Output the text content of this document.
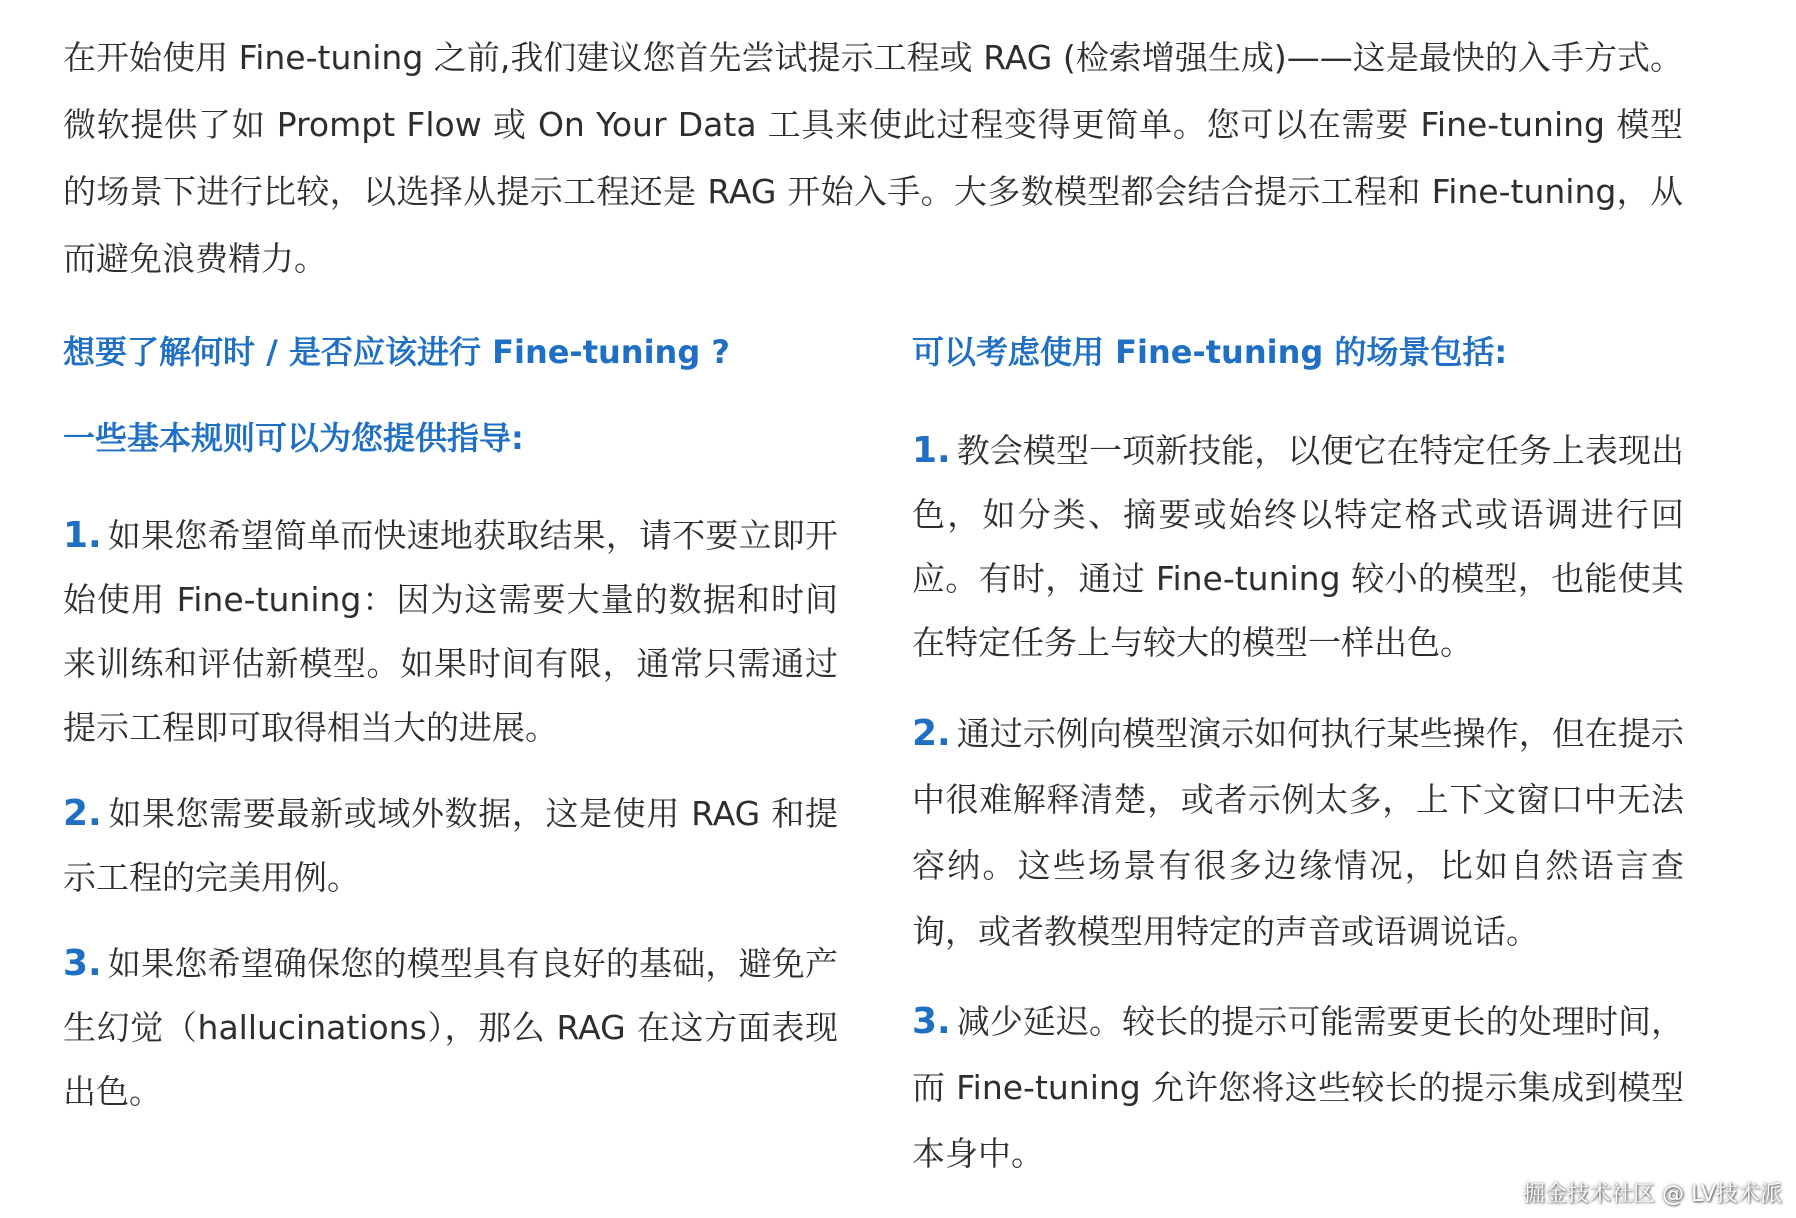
在开始使用 Fine-tuning 之前,我们建议您首先尝试提示工程或 RAG (检索增强生成)——这是最快的入手方式。微软提供了如 Prompt Flow 或 On Your Data 工具来使此过程变得更简单。您可以在需要 Fine-tuning 模型的场景下进行比较，以选择从提示工程还是 RAG 开始入手。大多数模型都会结合提示工程和 Fine-tuning，从而避免浪费精力。

想要了解何时 / 是否应该进行 Fine-tuning ?

一些基本规则可以为您提供指导:

1. 如果您希望简单而快速地获取结果，请不要立即开始使用 Fine-tuning：因为这需要大量的数据和时间来训练和评估新模型。如果时间有限，通常只需通过提示工程即可取得相当大的进展。

2. 如果您需要最新或域外数据，这是使用 RAG 和提示工程的完美用例。

3. 如果您希望确保您的模型具有良好的基础，避免产生幻觉（hallucinations），那么 RAG 在这方面表现出色。

可以考虑使用 Fine-tuning 的场景包括:

1. 教会模型一项新技能，以便它在特定任务上表现出色，如分类、摘要或始终以特定格式或语调进行回应。有时，通过 Fine-tuning 较小的模型，也能使其在特定任务上与较大的模型一样出色。

2. 通过示例向模型演示如何执行某些操作，但在提示中很难解释清楚，或者示例太多，上下文窗口中无法容纳。这些场景有很多边缘情况，比如自然语言查询，或者教模型用特定的声音或语调说话。

3. 减少延迟。较长的提示可能需要更长的处理时间，而 Fine-tuning 允许您将这些较长的提示集成到模型本身中。

掘金技术社区 @ LV技术派
